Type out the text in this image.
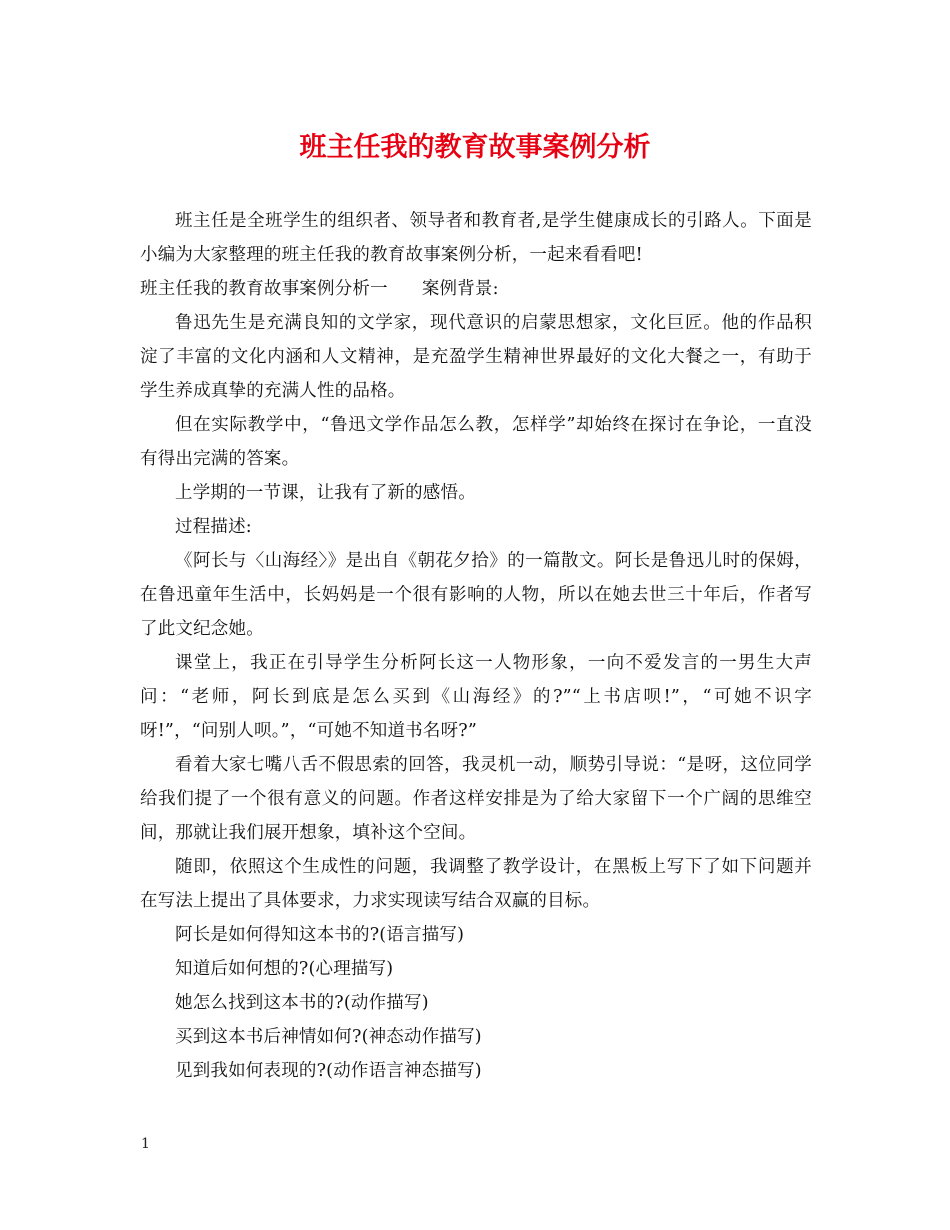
班主任我的教育故事案例分析

班主任是全班学生的组织者、领导者和教育者,是学生健康成长的引路人。下面是小编为大家整理的班主任我的教育故事案例分析，一起来看看吧!

班主任我的教育故事案例分析一 案例背景:

鲁迅先生是充满良知的文学家，现代意识的启蒙思想家，文化巨匠。他的作品积淀了丰富的文化内涵和人文精神，是充盈学生精神世界最好的文化大餐之一，有助于学生养成真挚的充满人性的品格。

但在实际教学中，“鲁迅文学作品怎么教，怎样学”却始终在探讨在争论，一直没有得出完满的答案。

上学期的一节课，让我有了新的感悟。

过程描述:

《阿长与〈山海经〉》是出自《朝花夕拾》的一篇散文。阿长是鲁迅儿时的保姆，在鲁迅童年生活中，长妈妈是一个很有影响的人物，所以在她去世三十年后，作者写了此文纪念她。

课堂上，我正在引导学生分析阿长这一人物形象，一向不爱发言的一男生大声问：“老师，阿长到底是怎么买到《山海经》的?”“上书店呗!”，“可她不识字呀!”，“问别人呗。”，“可她不知道书名呀?”

看着大家七嘴八舌不假思索的回答，我灵机一动，顺势引导说：“是呀，这位同学给我们提了一个很有意义的问题。作者这样安排是为了给大家留下一个广阔的思维空间，那就让我们展开想象，填补这个空间。

随即，依照这个生成性的问题，我调整了教学设计，在黑板上写下了如下问题并在写法上提出了具体要求，力求实现读写结合双赢的目标。

阿长是如何得知这本书的?(语言描写)

知道后如何想的?(心理描写)

她怎么找到这本书的?(动作描写)

买到这本书后神情如何?(神态动作描写)

见到我如何表现的?(动作语言神态描写)

1
